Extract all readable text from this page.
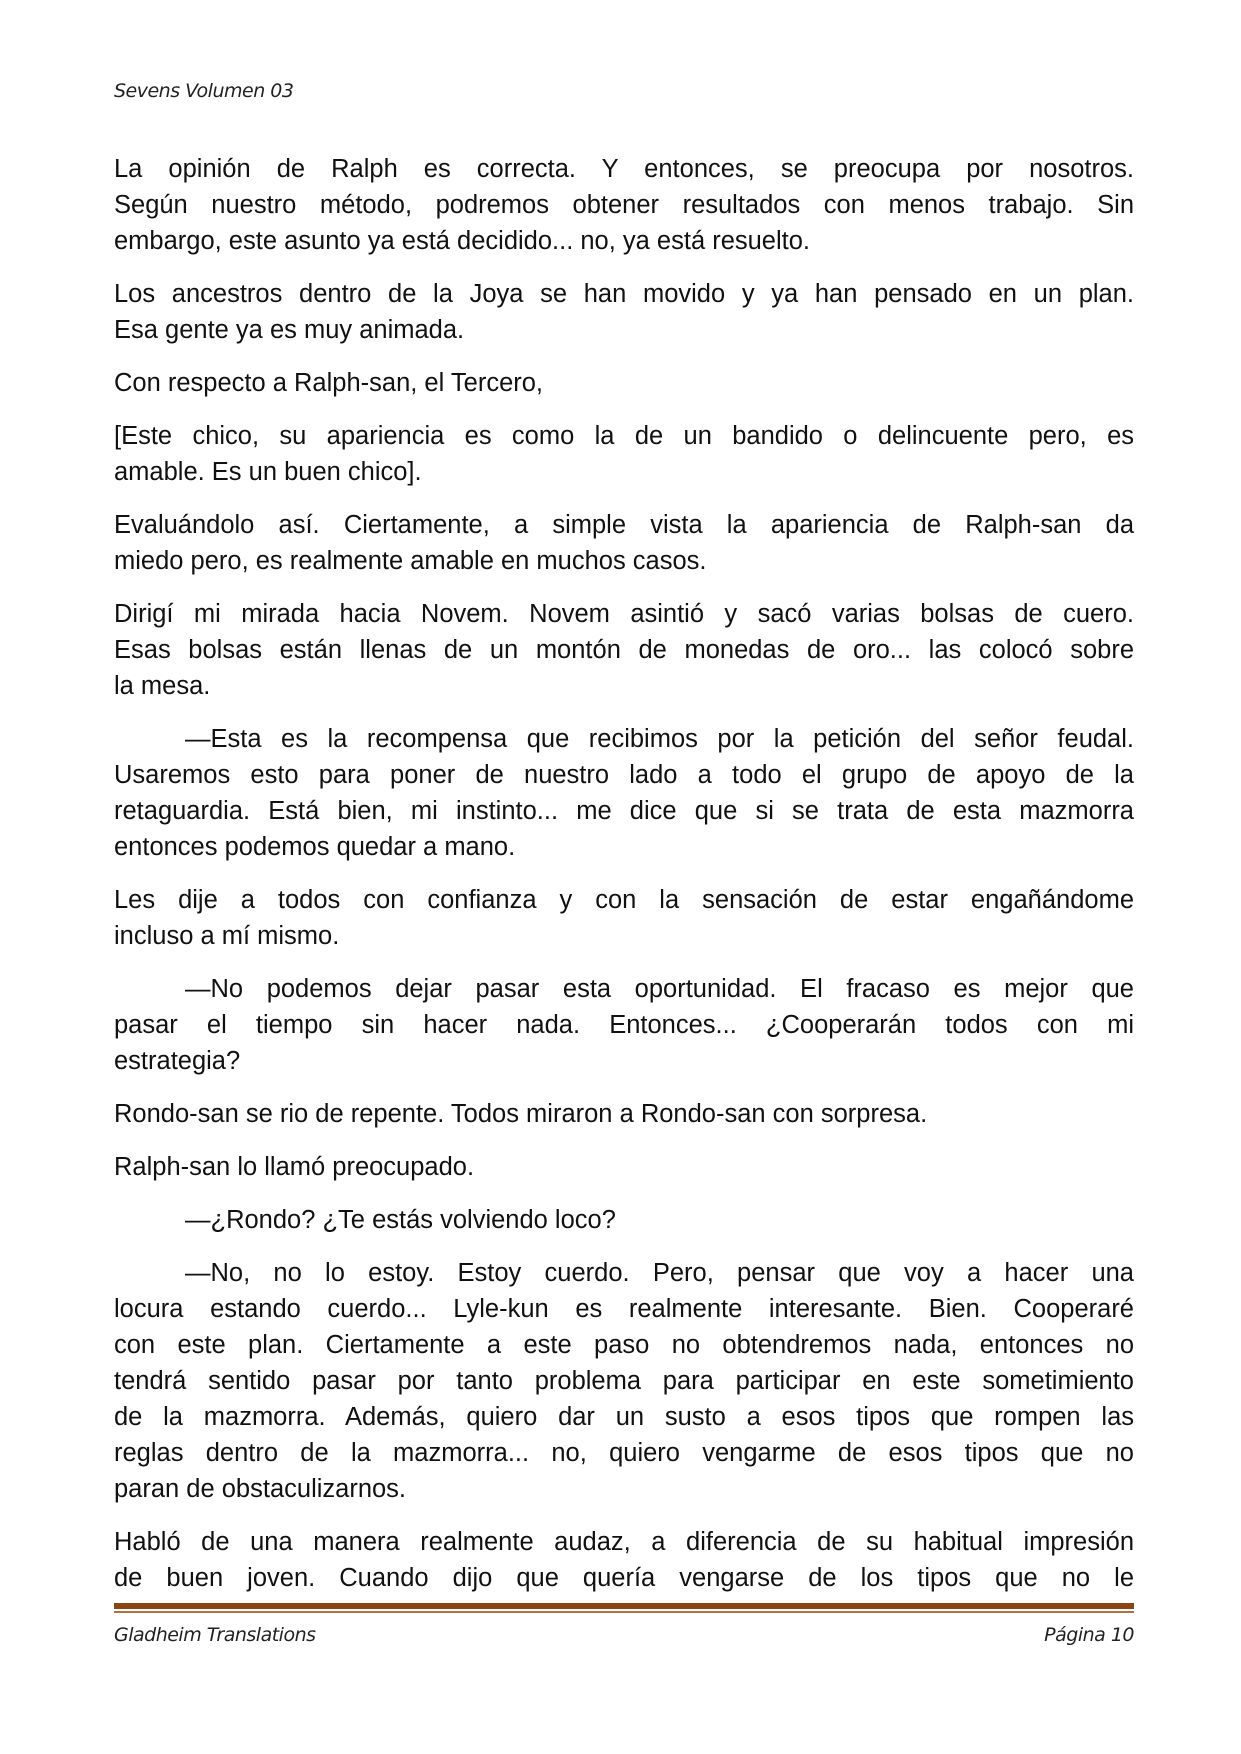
Sevens Volumen 03
La opinión de Ralph es correcta. Y entonces, se preocupa por nosotros.
Según nuestro método, podremos obtener resultados con menos trabajo. Sin
embargo, este asunto ya está decidido... no, ya está resuelto.
Los ancestros dentro de la Joya se han movido y ya han pensado en un plan.
Esa gente ya es muy animada.
Con respecto a Ralph-san, el Tercero,
[Este chico, su apariencia es como la de un bandido o delincuente pero, es
amable. Es un buen chico].
Evaluándolo así. Ciertamente, a simple vista la apariencia de Ralph-san da
miedo pero, es realmente amable en muchos casos.
Dirigí mi mirada hacia Novem. Novem asintió y sacó varias bolsas de cuero.
Esas bolsas están llenas de un montón de monedas de oro... las colocó sobre
la mesa.
—Esta es la recompensa que recibimos por la petición del señor feudal.
Usaremos esto para poner de nuestro lado a todo el grupo de apoyo de la
retaguardia. Está bien, mi instinto... me dice que si se trata de esta mazmorra
entonces podemos quedar a mano.
Les dije a todos con confianza y con la sensación de estar engañándome
incluso a mí mismo.
—No podemos dejar pasar esta oportunidad. El fracaso es mejor que
pasar el tiempo sin hacer nada. Entonces... ¿Cooperarán todos con mi
estrategia?
Rondo-san se rio de repente. Todos miraron a Rondo-san con sorpresa.
Ralph-san lo llamó preocupado.
—¿Rondo? ¿Te estás volviendo loco?
—No, no lo estoy. Estoy cuerdo. Pero, pensar que voy a hacer una
locura estando cuerdo... Lyle-kun es realmente interesante. Bien. Cooperaré
con este plan. Ciertamente a este paso no obtendremos nada, entonces no
tendrá sentido pasar por tanto problema para participar en este sometimiento
de la mazmorra. Además, quiero dar un susto a esos tipos que rompen las
reglas dentro de la mazmorra... no, quiero vengarme de esos tipos que no
paran de obstaculizarnos.
Habló de una manera realmente audaz, a diferencia de su habitual impresión
de buen joven. Cuando dijo que quería vengarse de los tipos que no le
Gladheim Translations	Página 10
